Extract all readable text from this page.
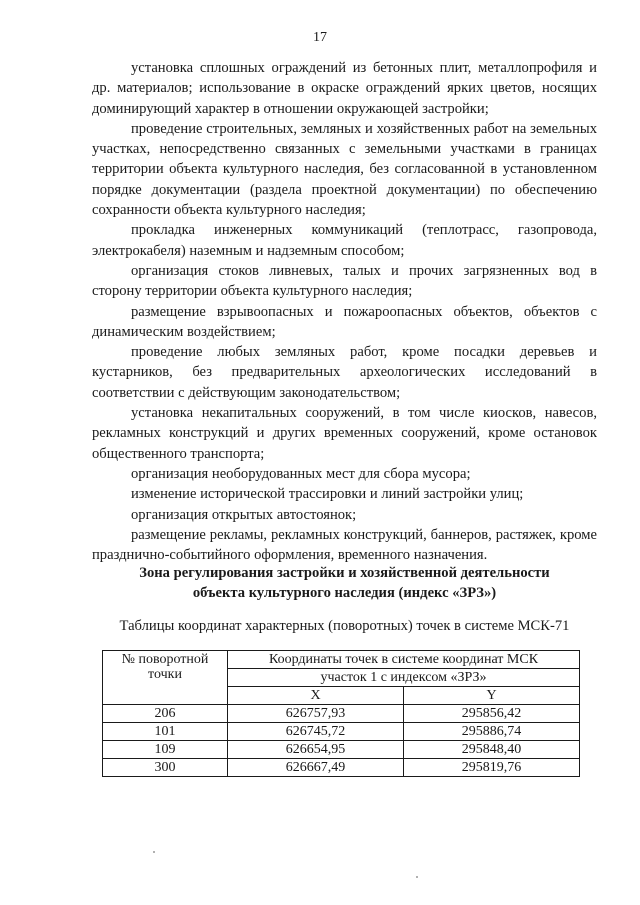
17

установка сплошных ограждений из бетонных плит, металлопрофиля и др. материалов; использование в окраске ограждений ярких цветов, носящих доминирующий характер в отношении окружающей застройки;

проведение строительных, земляных и хозяйственных работ на земельных участках, непосредственно связанных с земельными участками в границах территории объекта культурного наследия, без согласованной в установленном порядке документации (раздела проектной документации) по обеспечению сохранности объекта культурного наследия;

прокладка инженерных коммуникаций (теплотрасс, газопровода, электрокабеля) наземным и надземным способом;

организация стоков ливневых, талых и прочих загрязненных вод в сторону территории объекта культурного наследия;

размещение взрывоопасных и пожароопасных объектов, объектов с динамическим воздействием;

проведение любых земляных работ, кроме посадки деревьев и кустарников, без предварительных археологических исследований в соответствии с действующим законодательством;

установка некапитальных сооружений, в том числе киосков, навесов, рекламных конструкций и других временных сооружений, кроме остановок общественного транспорта;

организация необорудованных мест для сбора мусора;

изменение исторической трассировки и линий застройки улиц;

организация открытых автостоянок;

размещение рекламы, рекламных конструкций, баннеров, растяжек, кроме празднично-событийного оформления, временного назначения.

Зона регулирования застройки и хозяйственной деятельности
объекта культурного наследия (индекс «ЗРЗ»)
Таблицы координат характерных (поворотных) точек в системе МСК-71
№ поворотной точки	Координаты точек в системе координат МСК	
	участок 1 с индексом «ЗРЗ»	
	X	Y
206	626757,93	295856,42
101	626745,72	295886,74
109	626654,95	295848,40
300	626667,49	295819,76
